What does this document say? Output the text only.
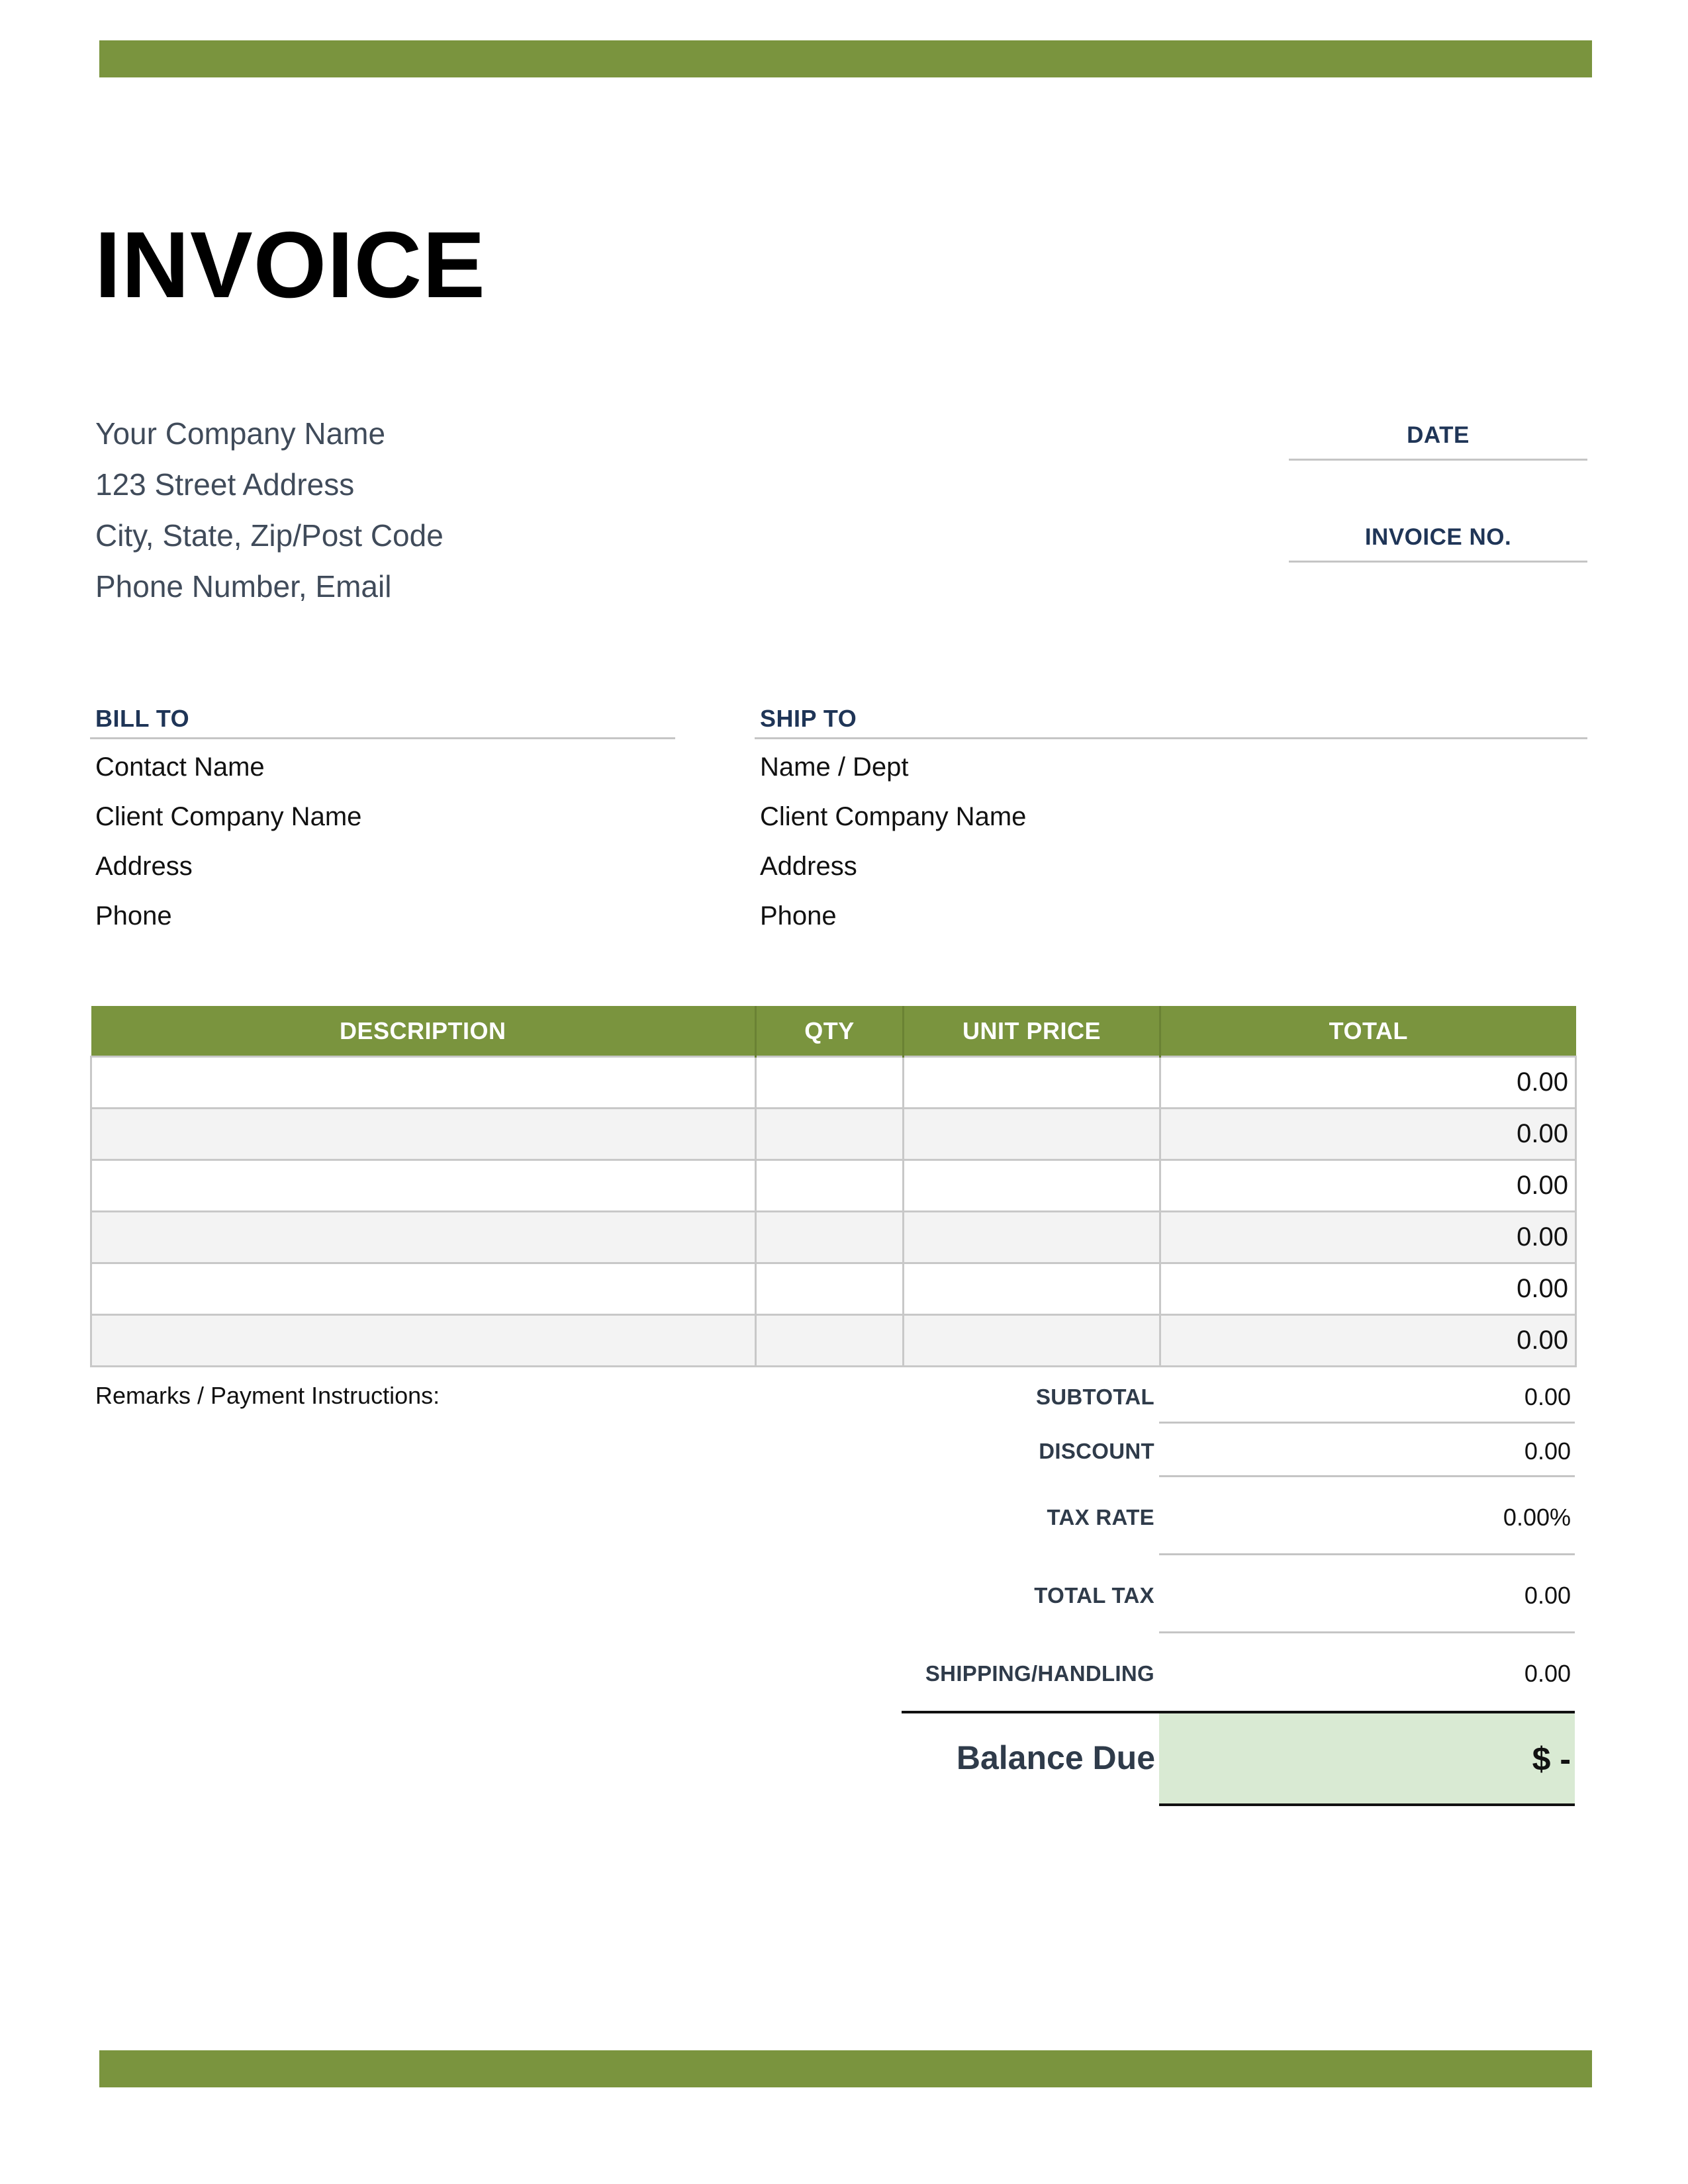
INVOICE
Your Company Name
123 Street Address
City, State, Zip/Post Code
Phone Number, Email
DATE
INVOICE NO.
BILL TO
Contact Name
Client Company Name
Address
Phone
SHIP TO
Name / Dept
Client Company Name
Address
Phone
DESCRIPTION	QTY	UNIT PRICE	TOTAL
			0.00
			0.00
			0.00
			0.00
			0.00
			0.00
Remarks / Payment Instructions:	SUBTOTAL	0.00
DISCOUNT	0.00
TAX RATE	0.00%
TOTAL TAX	0.00
SHIPPING/HANDLING	0.00
Balance Due	$ -
